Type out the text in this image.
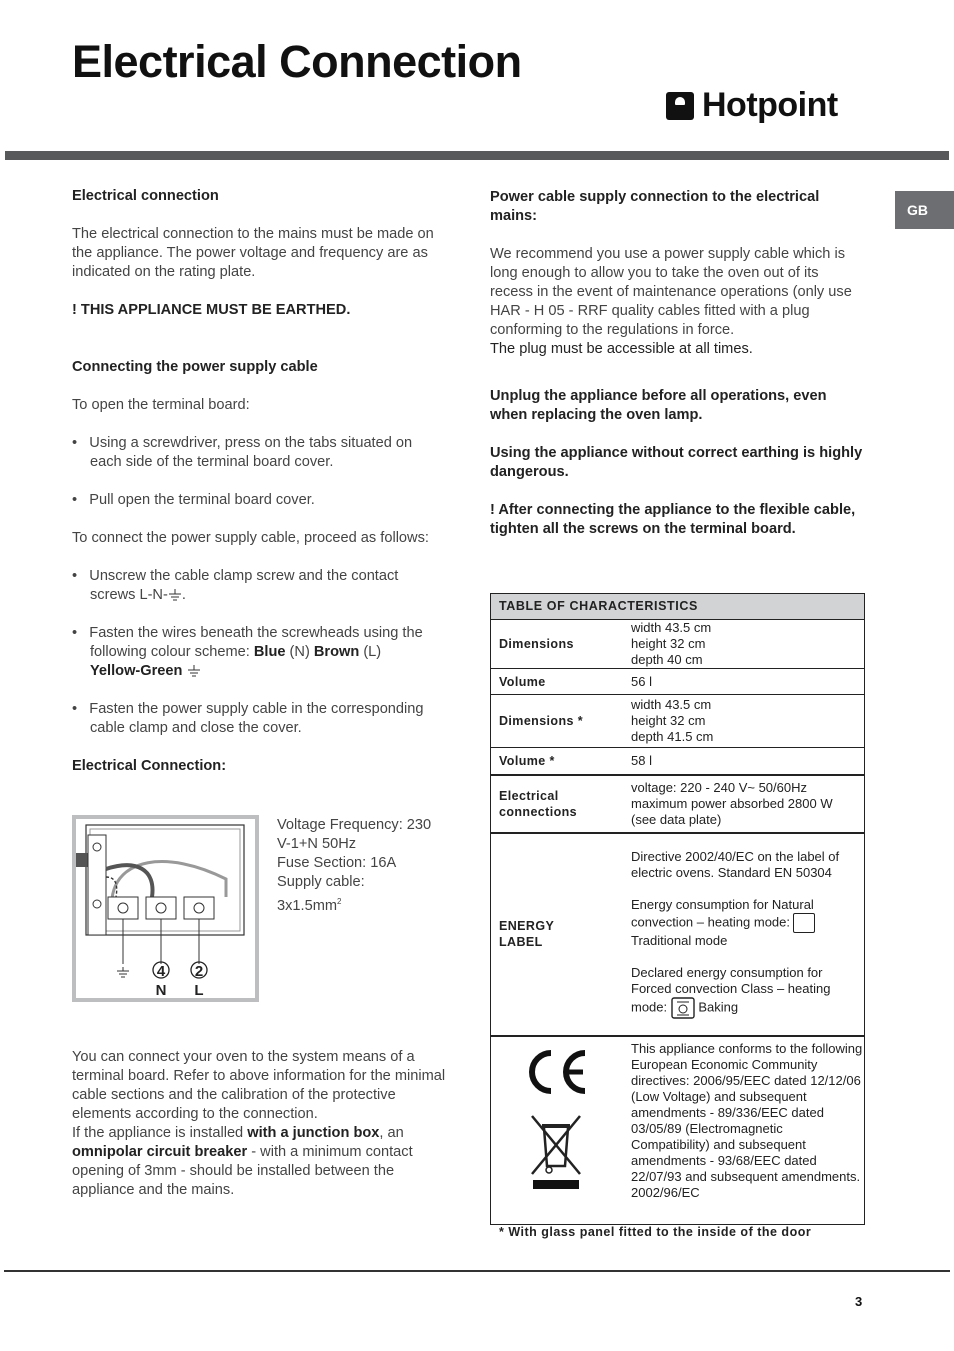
Electrical Connection
Hotpoint
GB

Electrical connection

The electrical connection to the mains must be made on the appliance. The power voltage and frequency are as indicated on the rating plate.

! THIS APPLIANCE MUST BE EARTHED.

Connecting the power supply cable

To open the terminal board:

•   Using a screwdriver, press on the tabs situated on each side of the terminal board cover.

•   Pull open the terminal board cover.

To connect the power supply cable, proceed as follows:

•   Unscrew the cable clamp screw and the contact screws L-N- .

•   Fasten the wires beneath the screwheads using the following colour scheme: Blue (N) Brown (L)
Yellow-Green

•   Fasten the power supply cable in the corresponding cable clamp and close the cover.

Electrical Connection:

4 2
N L
Voltage Frequency: 230
V-1+N 50Hz
Fuse Section: 16A
Supply cable:
$3x1.5mm^2$

You can connect your oven to the system means of a terminal board. Refer to above information for the minimal cable sections and the calibration of the protective elements according to the connection.

If the appliance is installed with a junction box, an omnipolar circuit breaker - with a minimum contact opening of 3mm - should be installed between the appliance and the mains.

Power cable supply connection to the electrical mains:

We recommend you use a power supply cable which is long enough to allow you to take the oven out of its recess in the event of maintenance operations (only use HAR - H 05 - RRF quality cables fitted with a plug conforming to the regulations in force.

The plug must be accessible at all times.

Unplug the appliance before all operations, even when replacing the oven lamp.

Using the appliance without correct earthing is highly dangerous.

! After connecting the appliance to the flexible cable, tighten all the screws on the terminal board.

TABLE OF CHARACTERISTICS	
Dimensions	width 43.5 cm
height 32 cm
depth 40 cm

Volume	56 l
Dimensions *	width 43.5 cm
height 32 cm
depth 41.5 cm

Volume *	58 l
Electrical connections	voltage: 220 - 240 V~ 50/60Hz
maximum power absorbed 2800 W
(see data plate)

ENERGY LABEL	Directive 2002/40/EC on the label of electric ovens. Standard EN 50304
Energy consumption for Natural convection – heating mode:
Traditional mode
Declared energy consumption for Forced convection Class – heating mode: Baking

	This appliance conforms to the following European Economic Community directives: 2006/95/EEC dated 12/12/06 (Low Voltage) and subsequent amendments - 89/336/EEC dated 03/05/89 (Electromagnetic Compatibility) and subsequent amendments - 93/68/EEC dated 22/07/93 and subsequent amendments. 2002/96/EC
* With glass panel fitted to the inside of the door
3
